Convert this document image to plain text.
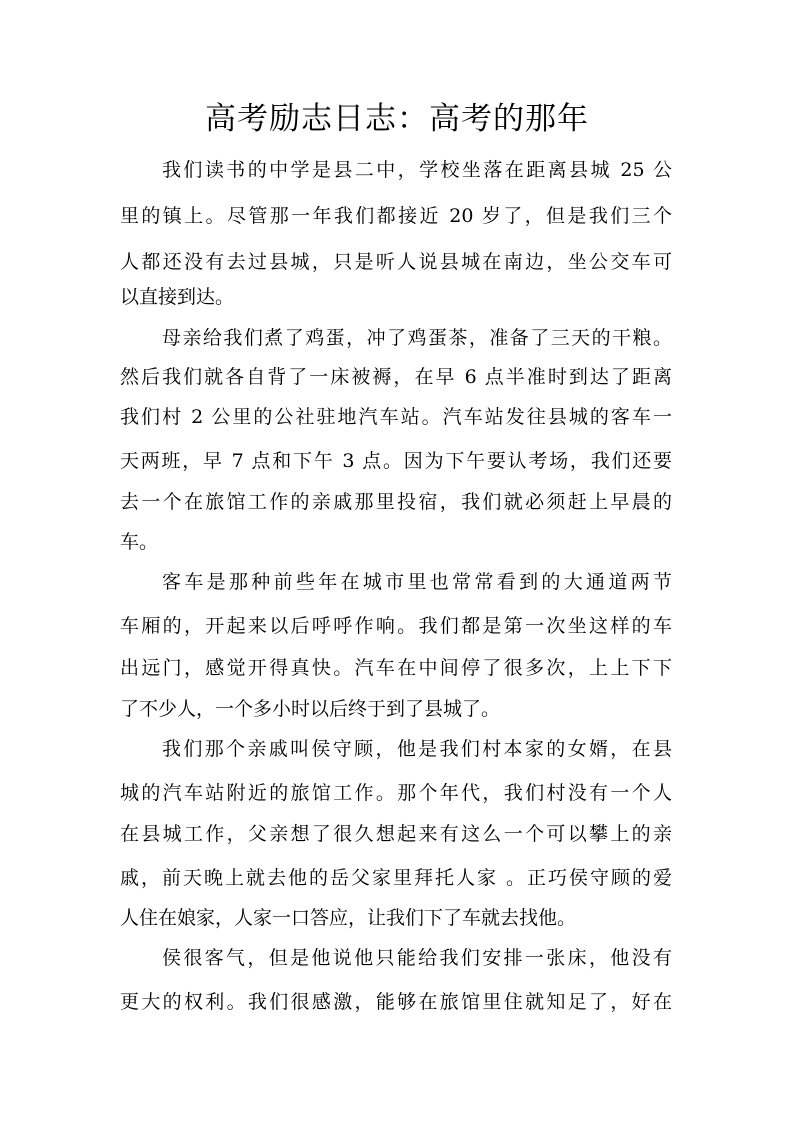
高考励志日志：高考的那年
我们读书的中学是县二中，学校坐落在距离县城 25 公
里的镇上。尽管那一年我们都接近 20 岁了，但是我们三个
人都还没有去过县城，只是听人说县城在南边，坐公交车可
以直接到达。
母亲给我们煮了鸡蛋，冲了鸡蛋茶，准备了三天的干粮。
然后我们就各自背了一床被褥，在早 6 点半准时到达了距离
我们村 2 公里的公社驻地汽车站。汽车站发往县城的客车一
天两班，早 7 点和下午 3 点。因为下午要认考场，我们还要
去一个在旅馆工作的亲戚那里投宿，我们就必须赶上早晨的
车。
客车是那种前些年在城市里也常常看到的大通道两节
车厢的，开起来以后呼呼作响。我们都是第一次坐这样的车
出远门，感觉开得真快。汽车在中间停了很多次，上上下下
了不少人，一个多小时以后终于到了县城了。
我们那个亲戚叫侯守顾，他是我们村本家的女婿，在县
城的汽车站附近的旅馆工作。那个年代，我们村没有一个人
在县城工作，父亲想了很久想起来有这么一个可以攀上的亲
戚，前天晚上就去他的岳父家里拜托人家 。正巧侯守顾的爱
人住在娘家，人家一口答应，让我们下了车就去找他。
侯很客气，但是他说他只能给我们安排一张床，他没有
更大的权利。我们很感激，能够在旅馆里住就知足了，好在
